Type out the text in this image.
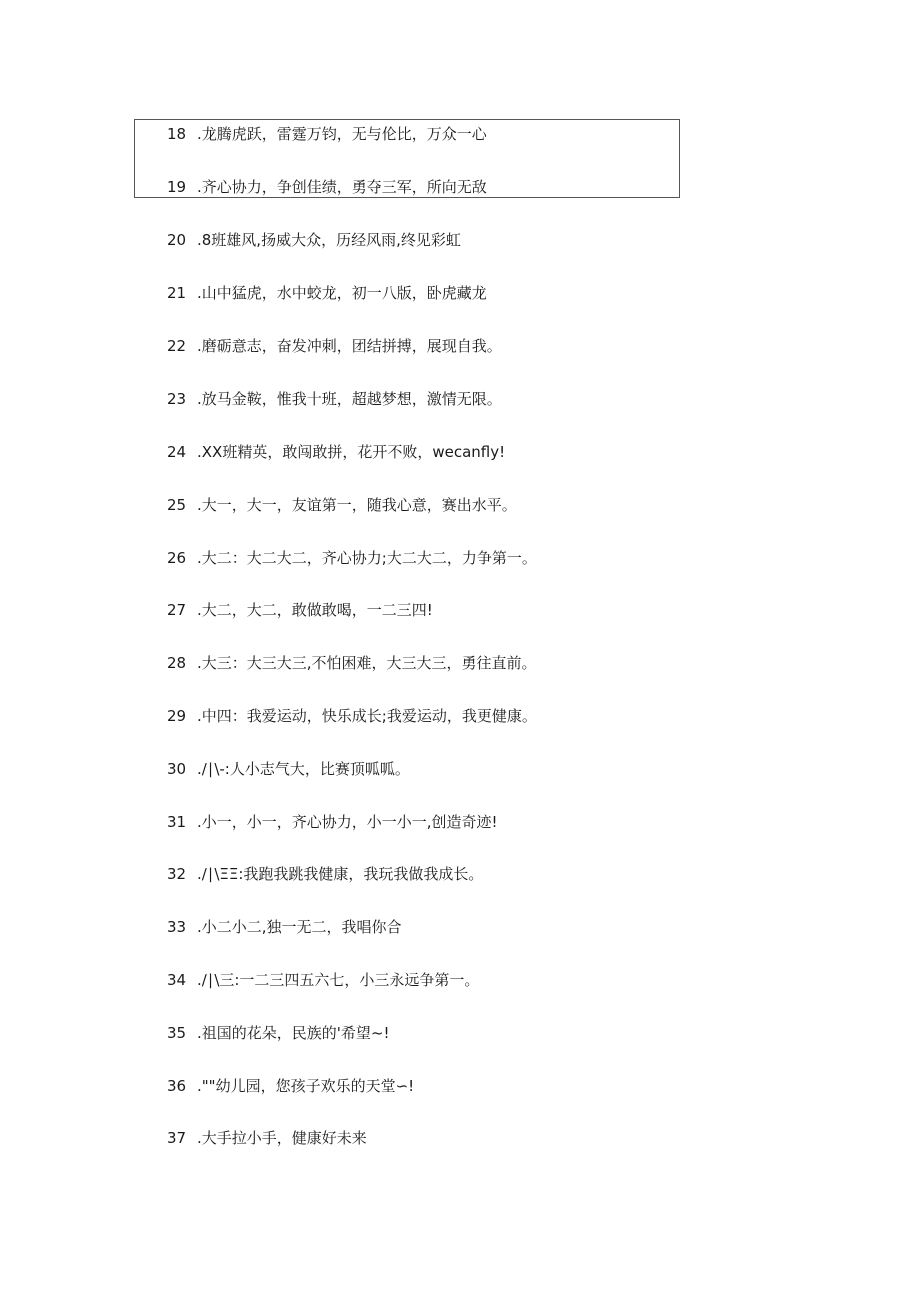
18 .龙腾虎跃，雷霆万钧，无与伦比，万众一心
19 .齐心协力，争创佳绩，勇夺三军，所向无敌
20 .8班雄风,扬威大众，历经风雨,终见彩虹
21 .山中猛虎，水中蛟龙，初一八版，卧虎藏龙
22 .磨砺意志，奋发冲刺，团结拼搏，展现自我。
23 .放马金鞍，惟我十班，超越梦想，激情无限。
24 .XX班精英，敢闯敢拼，花开不败，wecanfly!
25 .大一，大一，友谊第一，随我心意，赛出水平。
26 .大二：大二大二，齐心协力;大二大二，力争第一。
27 .大二，大二，敢做敢喝，一二三四!
28 .大三：大三大三,不怕困难，大三大三，勇往直前。
29 .中四：我爱运动，快乐成长;我爱运动，我更健康。
30 .∕∣\-:人小志气大，比赛顶呱呱。
31 .小一，小一，齐心协力，小一小一,创造奇迹!
32 .∕∣\ΞΞ:我跑我跳我健康，我玩我做我成长。
33 .小二小二,独一无二，我唱你合
34 .∕∣\三:一二三四五六七，小三永远争第一。
35 .祖国的花朵，民族的'希望~!
36 .""幼儿园，您孩子欢乐的天堂∽!
37 .大手拉小手，健康好未来
